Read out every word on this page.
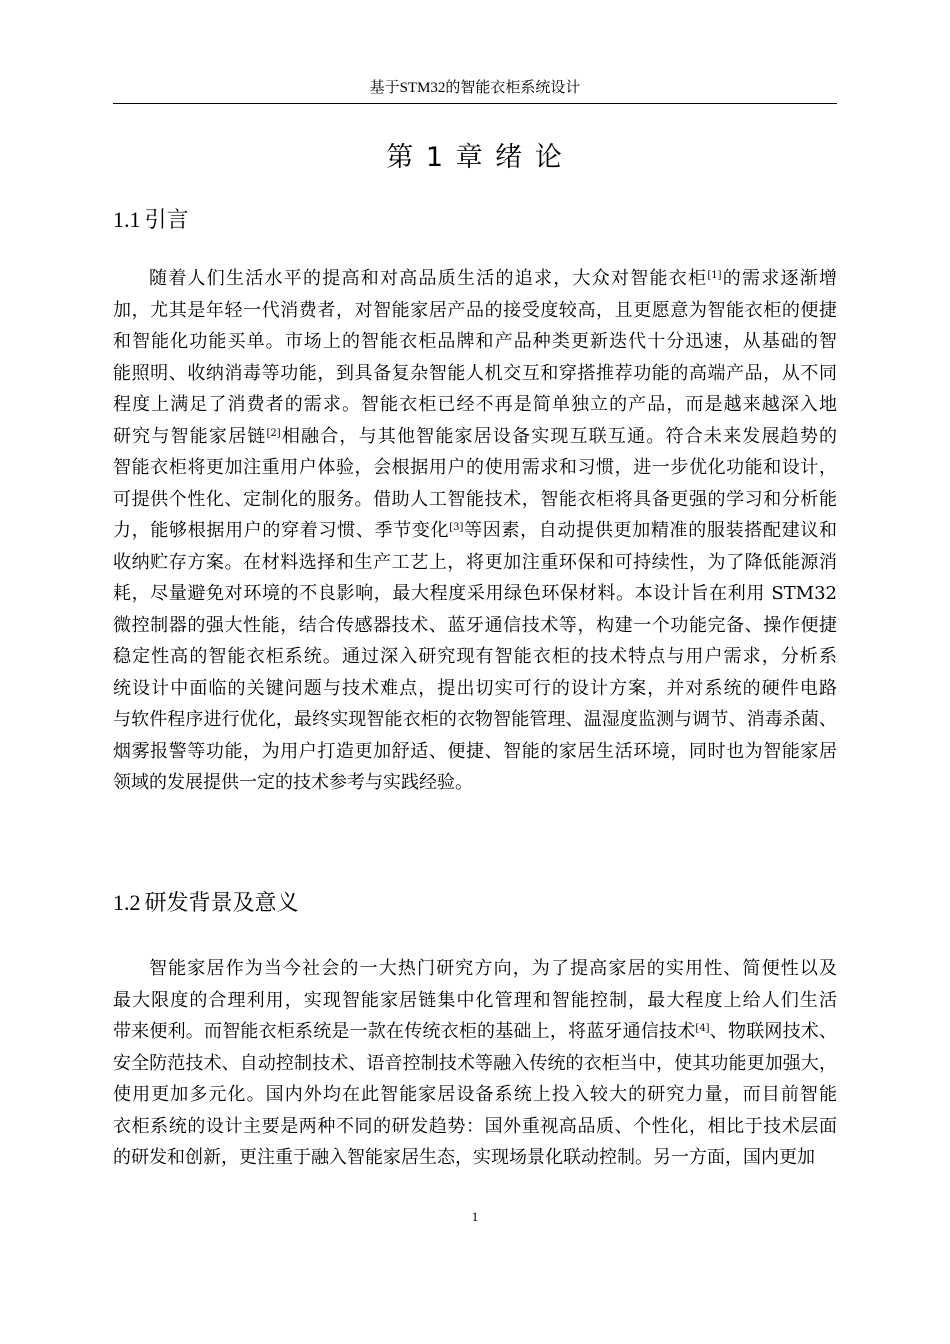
基于STM32的智能衣柜系统设计
第 1 章 绪 论
1.1 引言
随着人们生活水平的提高和对高品质生活的追求，大众对智能衣柜[1]的需求逐渐增
加，尤其是年轻一代消费者，对智能家居产品的接受度较高，且更愿意为智能衣柜的便捷
和智能化功能买单。市场上的智能衣柜品牌和产品种类更新迭代十分迅速，从基础的智
能照明、收纳消毒等功能，到具备复杂智能人机交互和穿搭推荐功能的高端产品，从不同
程度上满足了消费者的需求。智能衣柜已经不再是简单独立的产品，而是越来越深入地
研究与智能家居链[2]相融合，与其他智能家居设备实现互联互通。符合未来发展趋势的
智能衣柜将更加注重用户体验，会根据用户的使用需求和习惯，进一步优化功能和设计，
可提供个性化、定制化的服务。借助人工智能技术，智能衣柜将具备更强的学习和分析能
力，能够根据用户的穿着习惯、季节变化[3]等因素，自动提供更加精准的服装搭配建议和
收纳贮存方案。在材料选择和生产工艺上，将更加注重环保和可持续性，为了降低能源消
耗，尽量避免对环境的不良影响，最大程度采用绿色环保材料。本设计旨在利用 STM32
微控制器的强大性能，结合传感器技术、蓝牙通信技术等，构建一个功能完备、操作便捷
稳定性高的智能衣柜系统。通过深入研究现有智能衣柜的技术特点与用户需求，分析系
统设计中面临的关键问题与技术难点，提出切实可行的设计方案，并对系统的硬件电路
与软件程序进行优化，最终实现智能衣柜的衣物智能管理、温湿度监测与调节、消毒杀菌、
烟雾报警等功能，为用户打造更加舒适、便捷、智能的家居生活环境，同时也为智能家居
领域的发展提供一定的技术参考与实践经验。
1.2 研发背景及意义
智能家居作为当今社会的一大热门研究方向，为了提高家居的实用性、简便性以及
最大限度的合理利用，实现智能家居链集中化管理和智能控制，最大程度上给人们生活
带来便利。而智能衣柜系统是一款在传统衣柜的基础上，将蓝牙通信技术[4]、物联网技术、
安全防范技术、自动控制技术、语音控制技术等融入传统的衣柜当中，使其功能更加强大，
使用更加多元化。国内外均在此智能家居设备系统上投入较大的研究力量，而目前智能
衣柜系统的设计主要是两种不同的研发趋势：国外重视高品质、个性化，相比于技术层面
的研发和创新，更注重于融入智能家居生态，实现场景化联动控制。另一方面，国内更加
1
